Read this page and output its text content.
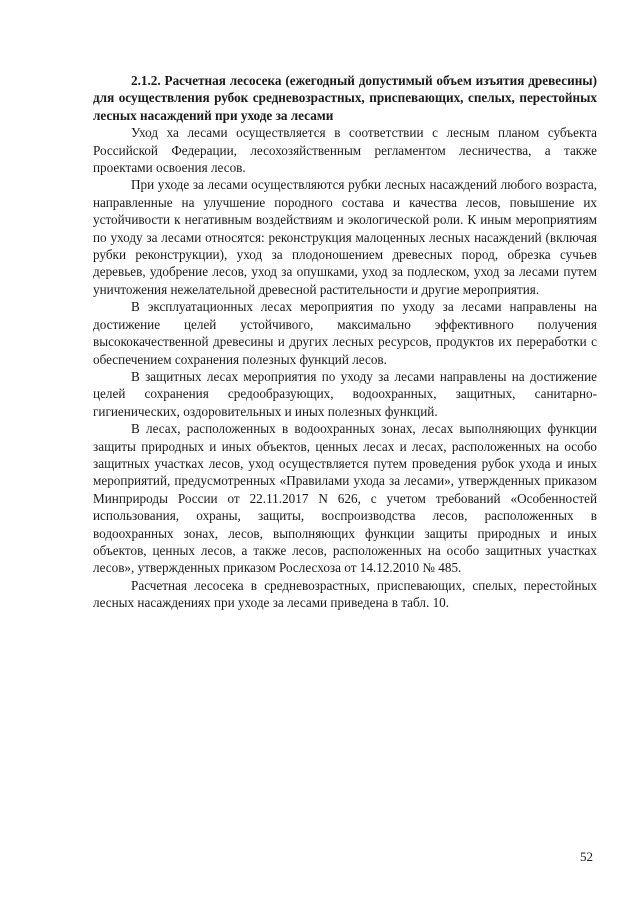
2.1.2. Расчетная лесосека (ежегодный допустимый объем изъятия древесины) для осуществления рубок средневозрастных, приспевающих, спелых, перестойных лесных насаждений при уходе за лесами

Уход ха лесами осуществляется в соответствии с лесным планом субъекта Российской Федерации, лесохозяйственным регламентом лесничества, а также проектами освоения лесов.

При уходе за лесами осуществляются рубки лесных насаждений любого возраста, направленные на улучшение породного состава и качества лесов, повышение их устойчивости к негативным воздействиям и экологической роли. К иным мероприятиям по уходу за лесами относятся: реконструкция малоценных лесных насаждений (включая рубки реконструкции), уход за плодоношением древесных пород, обрезка сучьев деревьев, удобрение лесов, уход за опушками, уход за подлеском, уход за лесами путем уничтожения нежелательной древесной растительности и другие мероприятия.

В эксплуатационных лесах мероприятия по уходу за лесами направлены на достижение целей устойчивого, максимально эффективного получения высококачественной древесины и других лесных ресурсов, продуктов их переработки с обеспечением сохранения полезных функций лесов.

В защитных лесах мероприятия по уходу за лесами направлены на достижение целей сохранения средообразующих, водоохранных, защитных, санитарно-гигиенических, оздоровительных и иных полезных функций.

В лесах, расположенных в водоохранных зонах, лесах выполняющих функции защиты природных и иных объектов, ценных лесах и лесах, расположенных на особо защитных участках лесов, уход осуществляется путем проведения рубок ухода и иных мероприятий, предусмотренных «Правилами ухода за лесами», утвержденных приказом Минприроды России от 22.11.2017 N 626, с учетом требований «Особенностей использования, охраны, защиты, воспроизводства лесов, расположенных в водоохранных зонах, лесов, выполняющих функции защиты природных и иных объектов, ценных лесов, а также лесов, расположенных на особо защитных участках лесов», утвержденных приказом Рослесхоза от 14.12.2010 № 485.

Расчетная лесосека в средневозрастных, приспевающих, спелых, перестойных лесных насаждениях при уходе за лесами приведена в табл. 10.

52
